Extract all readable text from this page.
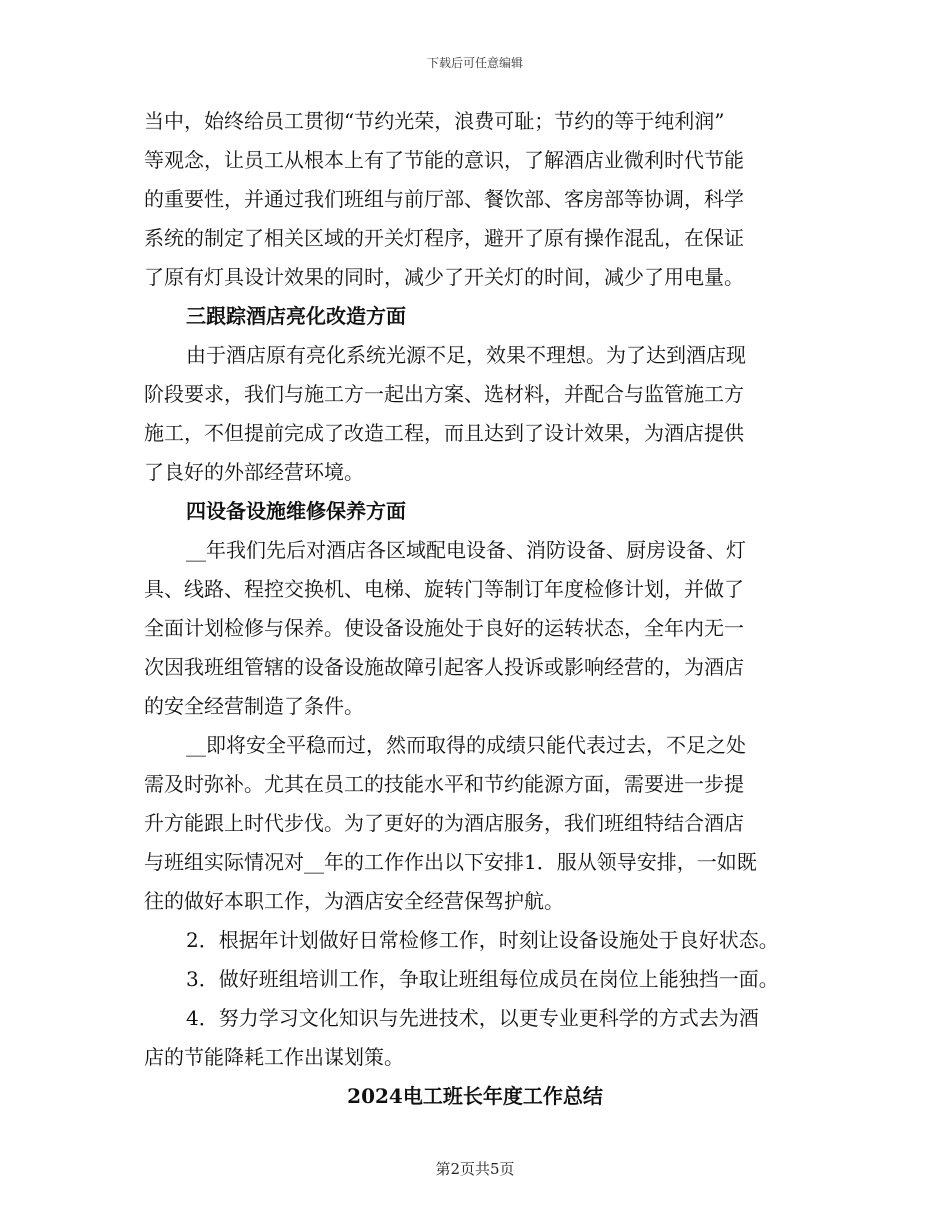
下载后可任意编辑
当中，始终给员工贯彻“节约光荣，浪费可耻；节约的等于纯利润”
等观念，让员工从根本上有了节能的意识，了解酒店业微利时代节能
的重要性，并通过我们班组与前厅部、餐饮部、客房部等协调，科学
系统的制定了相关区域的开关灯程序，避开了原有操作混乱，在保证
了原有灯具设计效果的同时，减少了开关灯的时间，减少了用电量。
三跟踪酒店亮化改造方面
由于酒店原有亮化系统光源不足，效果不理想。为了达到酒店现
阶段要求，我们与施工方一起出方案、选材料，并配合与监管施工方
施工，不但提前完成了改造工程，而且达到了设计效果，为酒店提供
了良好的外部经营环境。
四设备设施维修保养方面
__年我们先后对酒店各区域配电设备、消防设备、厨房设备、灯
具、线路、程控交换机、电梯、旋转门等制订年度检修计划，并做了
全面计划检修与保养。使设备设施处于良好的运转状态，全年内无一
次因我班组管辖的设备设施故障引起客人投诉或影响经营的，为酒店
的安全经营制造了条件。
__即将安全平稳而过，然而取得的成绩只能代表过去，不足之处
需及时弥补。尤其在员工的技能水平和节约能源方面，需要进一步提
升方能跟上时代步伐。为了更好的为酒店服务，我们班组特结合酒店
与班组实际情况对__年的工作作出以下安排1．服从领导安排，一如既
往的做好本职工作，为酒店安全经营保驾护航。
2．根据年计划做好日常检修工作，时刻让设备设施处于良好状态。
3．做好班组培训工作，争取让班组每位成员在岗位上能独挡一面。
4．努力学习文化知识与先进技术，以更专业更科学的方式去为酒
店的节能降耗工作出谋划策。
2024电工班长年度工作总结
第2页共5页
